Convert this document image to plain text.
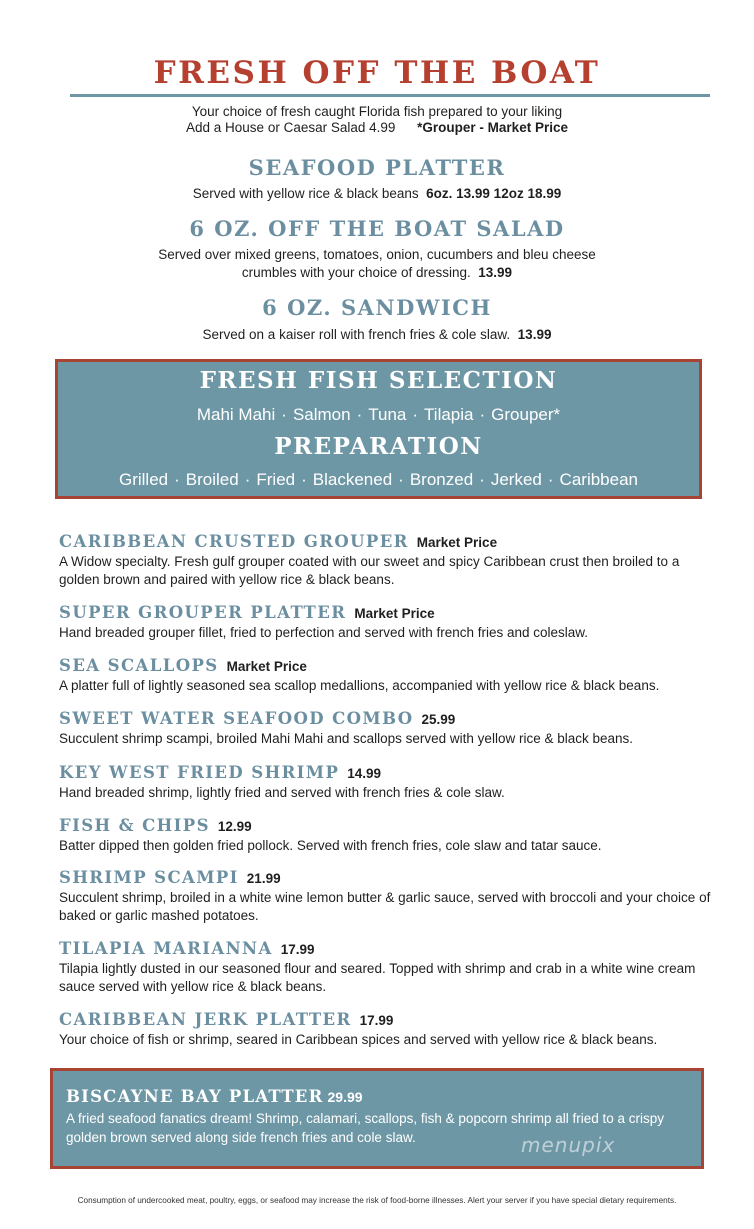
FRESH OFF THE BOAT
Your choice of fresh caught Florida fish prepared to your liking
Add a House or Caesar Salad 4.99 *Grouper - Market Price
SEAFOOD PLATTER
Served with yellow rice & black beans 6oz. 13.99 12oz 18.99
6 OZ. OFF THE BOAT SALAD
Served over mixed greens, tomatoes, onion, cucumbers and bleu cheese
crumbles with your choice of dressing. 13.99
6 OZ. SANDWICH
Served on a kaiser roll with french fries & cole slaw. 13.99
FRESH FISH SELECTION
Mahi Mahi · Salmon · Tuna · Tilapia · Grouper*
PREPARATION
Grilled · Broiled · Fried · Blackened · Bronzed · Jerked · Caribbean
CARIBBEAN CRUSTED GROUPER Market Price
A Widow specialty. Fresh gulf grouper coated with our sweet and spicy Caribbean crust then broiled to a golden brown and paired with yellow rice & black beans.
SUPER GROUPER PLATTER Market Price
Hand breaded grouper fillet, fried to perfection and served with french fries and coleslaw.
SEA SCALLOPS Market Price
A platter full of lightly seasoned sea scallop medallions, accompanied with yellow rice & black beans.
SWEET WATER SEAFOOD COMBO 25.99
Succulent shrimp scampi, broiled Mahi Mahi and scallops served with yellow rice & black beans.
KEY WEST FRIED SHRIMP 14.99
Hand breaded shrimp, lightly fried and served with french fries & cole slaw.
FISH & CHIPS 12.99
Batter dipped then golden fried pollock. Served with french fries, cole slaw and tatar sauce.
SHRIMP SCAMPI 21.99
Succulent shrimp, broiled in a white wine lemon butter & garlic sauce, served with broccoli and your choice of baked or garlic mashed potatoes.
TILAPIA MARIANNA 17.99
Tilapia lightly dusted in our seasoned flour and seared. Topped with shrimp and crab in a white wine cream sauce served with yellow rice & black beans.
CARIBBEAN JERK PLATTER 17.99
Your choice of fish or shrimp, seared in Caribbean spices and served with yellow rice & black beans.
BISCAYNE BAY PLATTER 29.99
A fried seafood fanatics dream! Shrimp, calamari, scallops, fish & popcorn shrimp all fried to a crispy golden brown served along side french fries and cole slaw.	menupix
Consumption of undercooked meat, poultry, eggs, or seafood may increase the risk of food-borne illnesses. Alert your server if you have special dietary requirements.
